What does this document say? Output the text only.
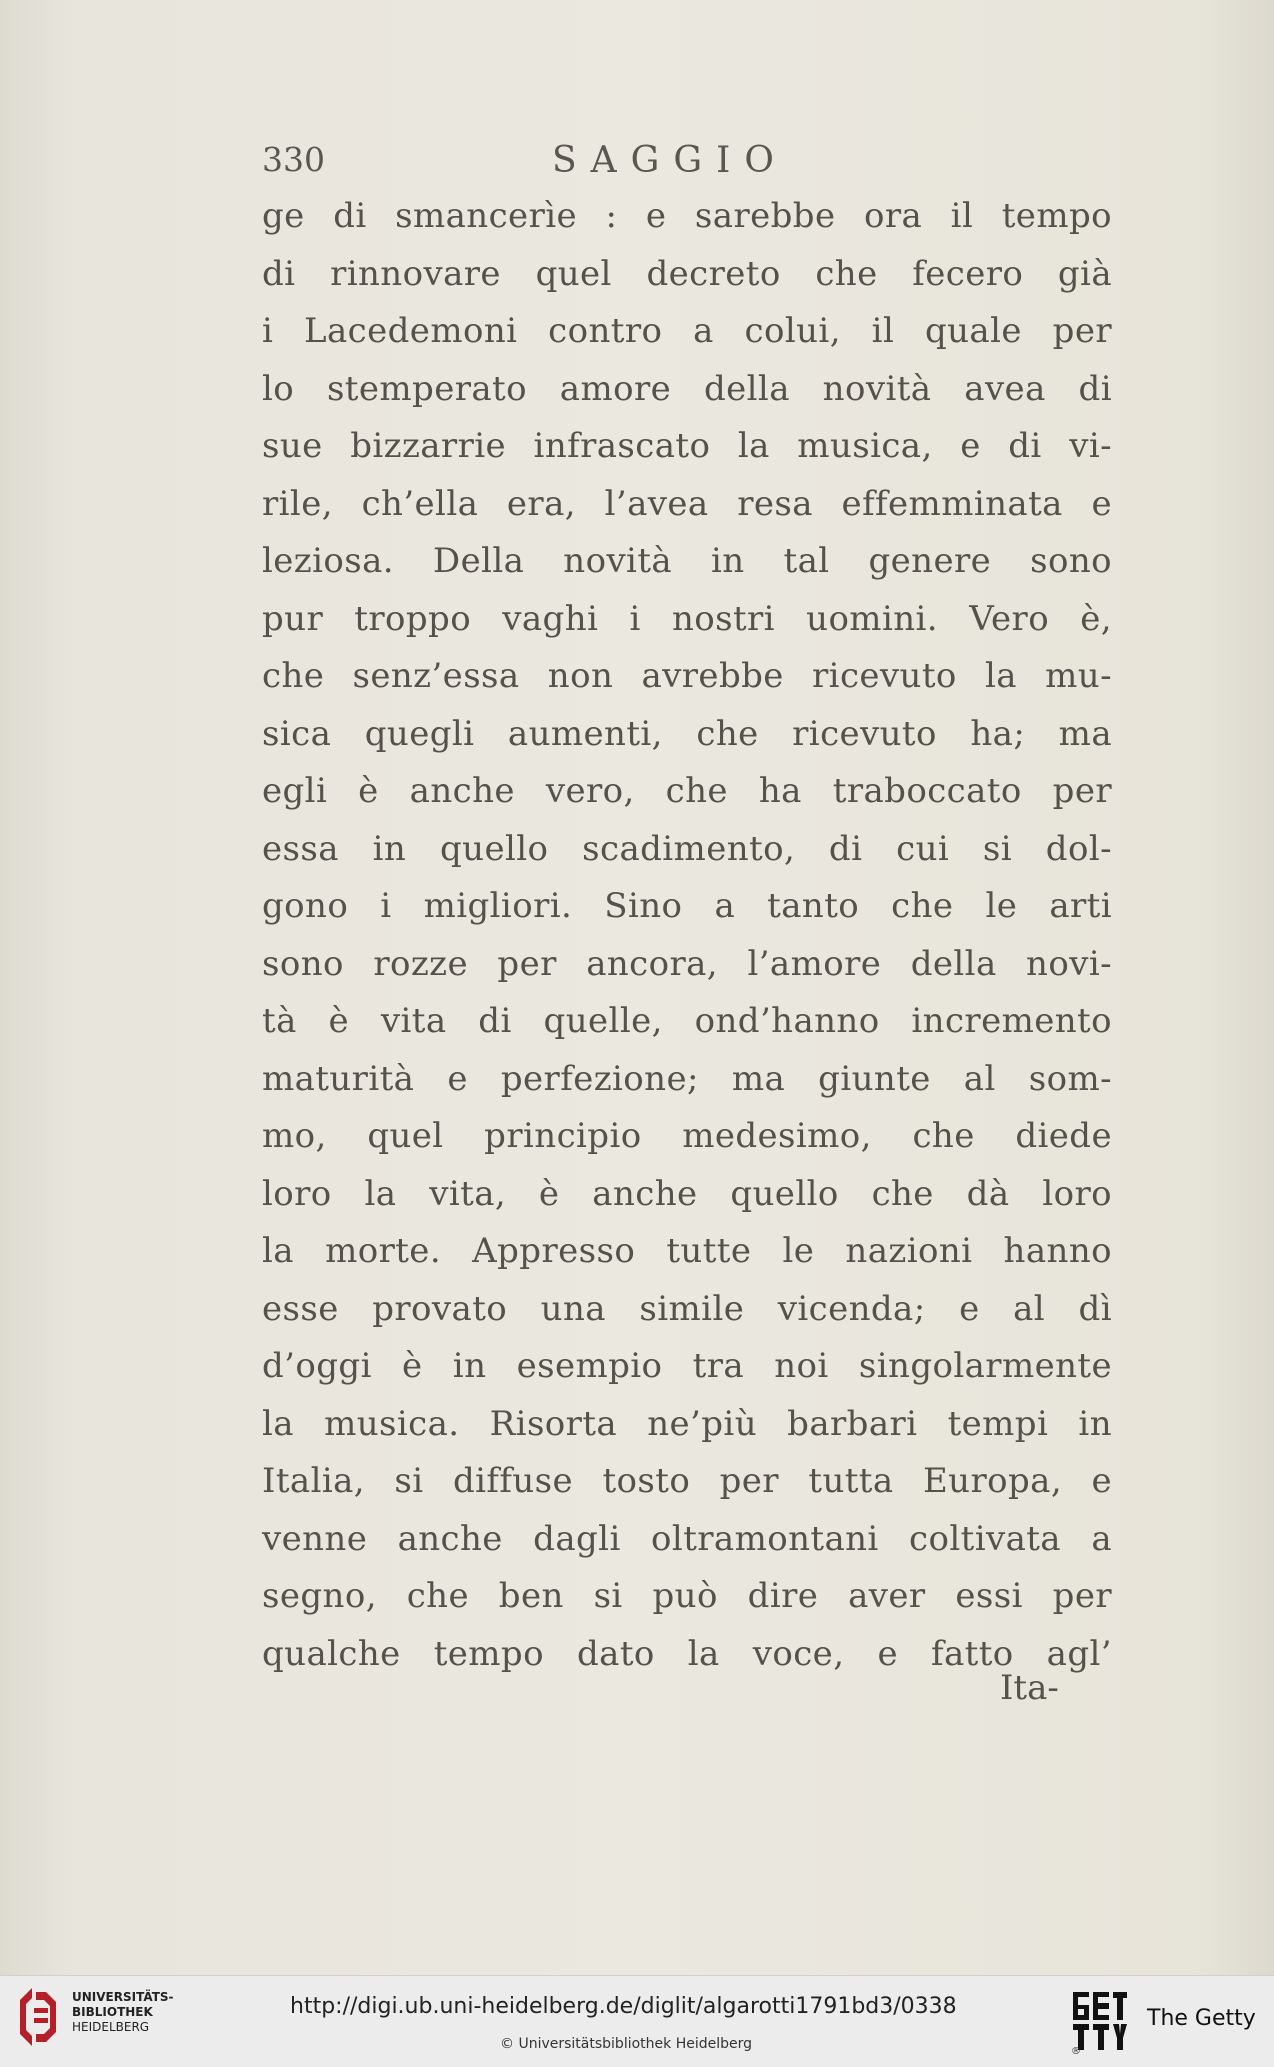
330	SAGGIO
ge di smancerìe : e sarebbe ora il tempo
di rinnovare quel decreto che fecero già
i Lacedemoni contro a colui, il quale per
lo stemperato amore della novità avea di
sue bizzarrie infrascato la musica, e di vi-
rile, ch’ella era, l’avea resa effemminata e
leziosa. Della novità in tal genere sono
pur troppo vaghi i nostri uomini. Vero è,
che senz’essa non avrebbe ricevuto la mu-
sica quegli aumenti, che ricevuto ha; ma
egli è anche vero, che ha traboccato per
essa in quello scadimento, di cui si dol-
gono i migliori. Sino a tanto che le arti
sono rozze per ancora, l’amore della novi-
tà è vita di quelle, ond’hanno incremento
maturità e perfezione; ma giunte al som-
mo, quel principio medesimo, che diede
loro la vita, è anche quello che dà loro
la morte. Appresso tutte le nazioni hanno
esse provato una simile vicenda; e al dì
d’oggi è in esempio tra noi singolarmente
la musica. Risorta ne’più barbari tempi in
Italia, si diffuse tosto per tutta Europa, e
venne anche dagli oltramontani coltivata a
segno, che ben si può dire aver essi per
qualche tempo dato la voce, e fatto agl’
Ita-
UNIVERSITÄTS-
BIBLIOTHEK
HEIDELBERG
http://digi.ub.uni-heidelberg.de/diglit/algarotti1791bd3/0338
© Universitätsbibliothek Heidelberg	®
The Getty
